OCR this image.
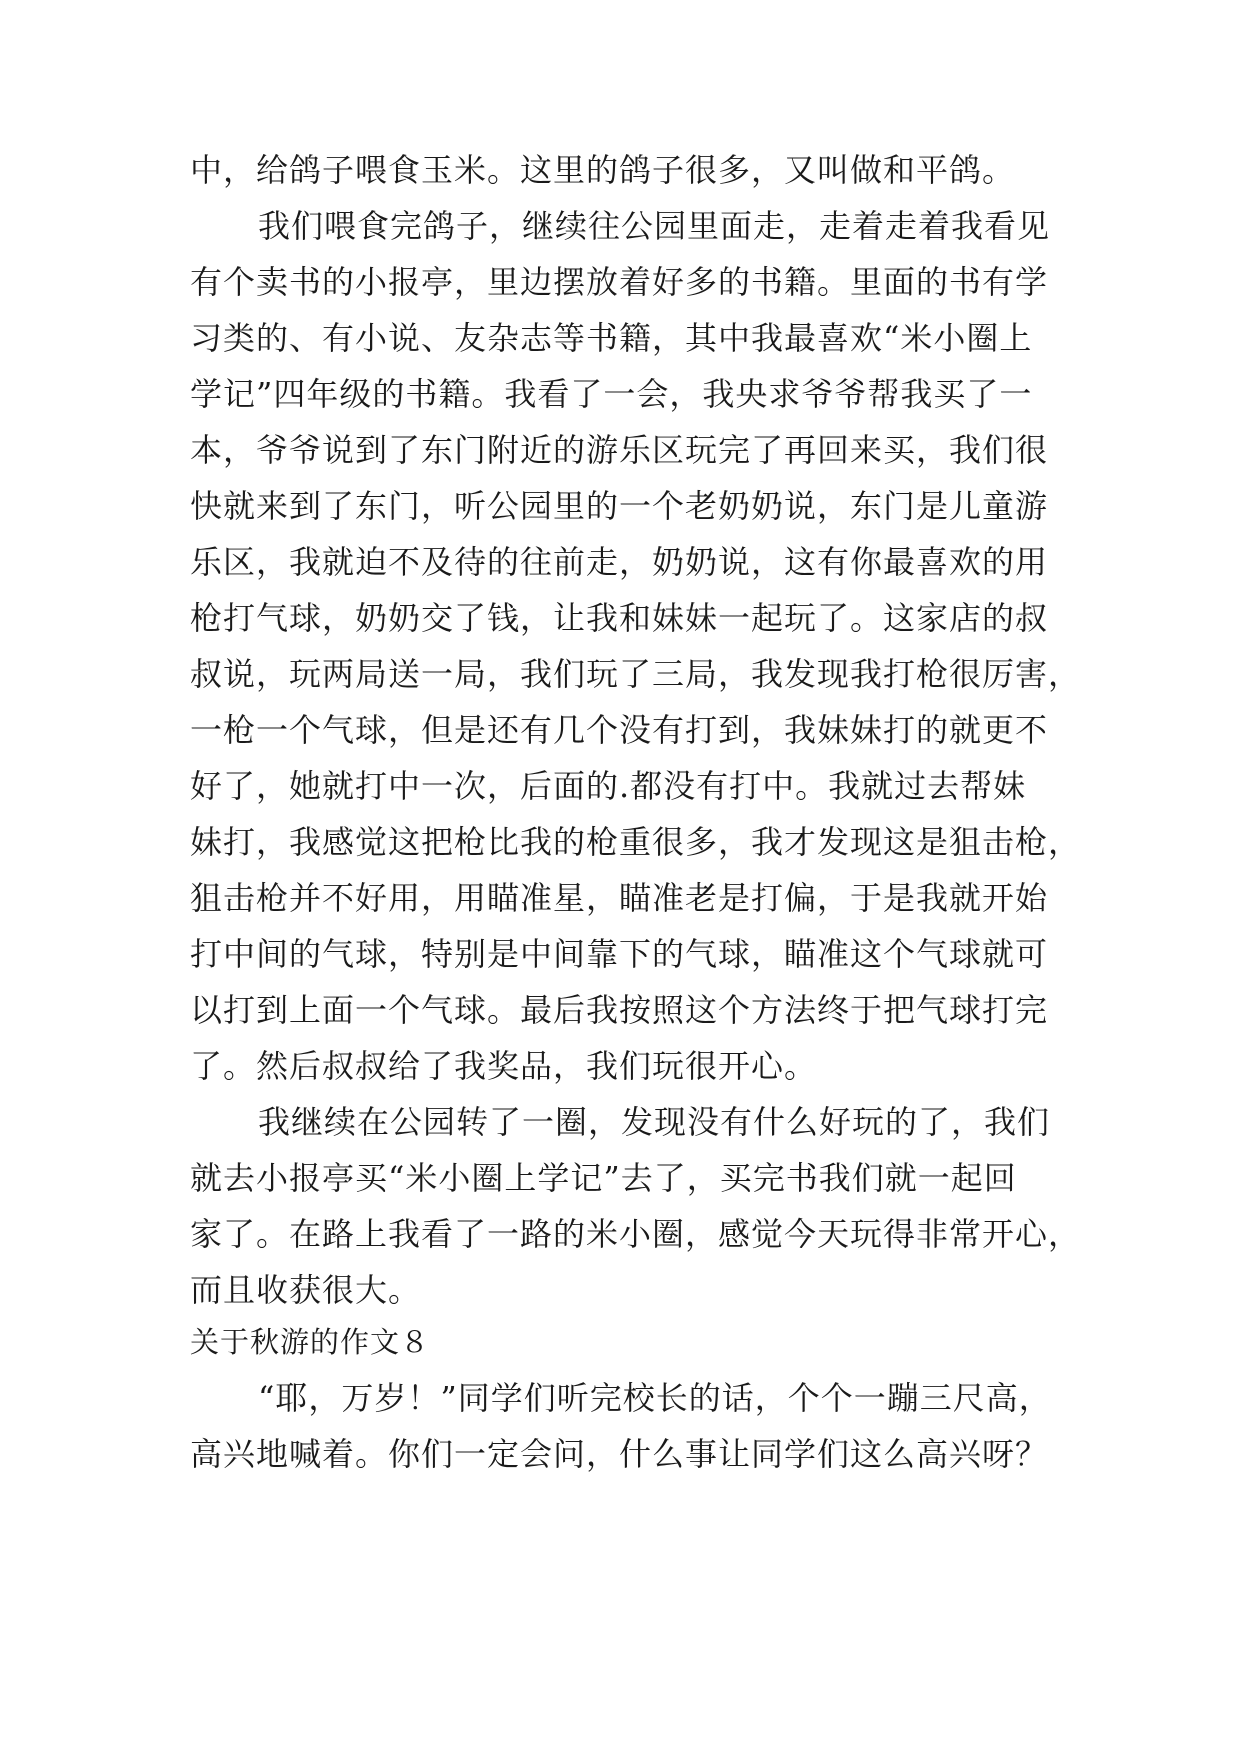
中，给鸽子喂食玉米。这里的鸽子很多，又叫做和平鸽。
我们喂食完鸽子，继续往公园里面走，走着走着我看见
有个卖书的小报亭，里边摆放着好多的书籍。里面的书有学
习类的、有小说、友杂志等书籍，其中我最喜欢“米小圈上
学记”四年级的书籍。我看了一会，我央求爷爷帮我买了一
本，爷爷说到了东门附近的游乐区玩完了再回来买，我们很
快就来到了东门，听公园里的一个老奶奶说，东门是儿童游
乐区，我就迫不及待的往前走，奶奶说，这有你最喜欢的用
枪打气球，奶奶交了钱，让我和妹妹一起玩了。这家店的叔
叔说，玩两局送一局，我们玩了三局，我发现我打枪很厉害，
一枪一个气球，但是还有几个没有打到，我妹妹打的就更不
好了，她就打中一次，后面的.都没有打中。我就过去帮妹
妹打，我感觉这把枪比我的枪重很多，我才发现这是狙击枪，
狙击枪并不好用，用瞄准星，瞄准老是打偏，于是我就开始
打中间的气球，特别是中间靠下的气球，瞄准这个气球就可
以打到上面一个气球。最后我按照这个方法终于把气球打完
了。然后叔叔给了我奖品，我们玩很开心。
我继续在公园转了一圈，发现没有什么好玩的了，我们
就去小报亭买“米小圈上学记”去了，买完书我们就一起回
家了。在路上我看了一路的米小圈，感觉今天玩得非常开心，
而且收获很大。
关于秋游的作文８
“耶，万岁！”同学们听完校长的话，个个一蹦三尺高，
高兴地喊着。你们一定会问，什么事让同学们这么高兴呀？
